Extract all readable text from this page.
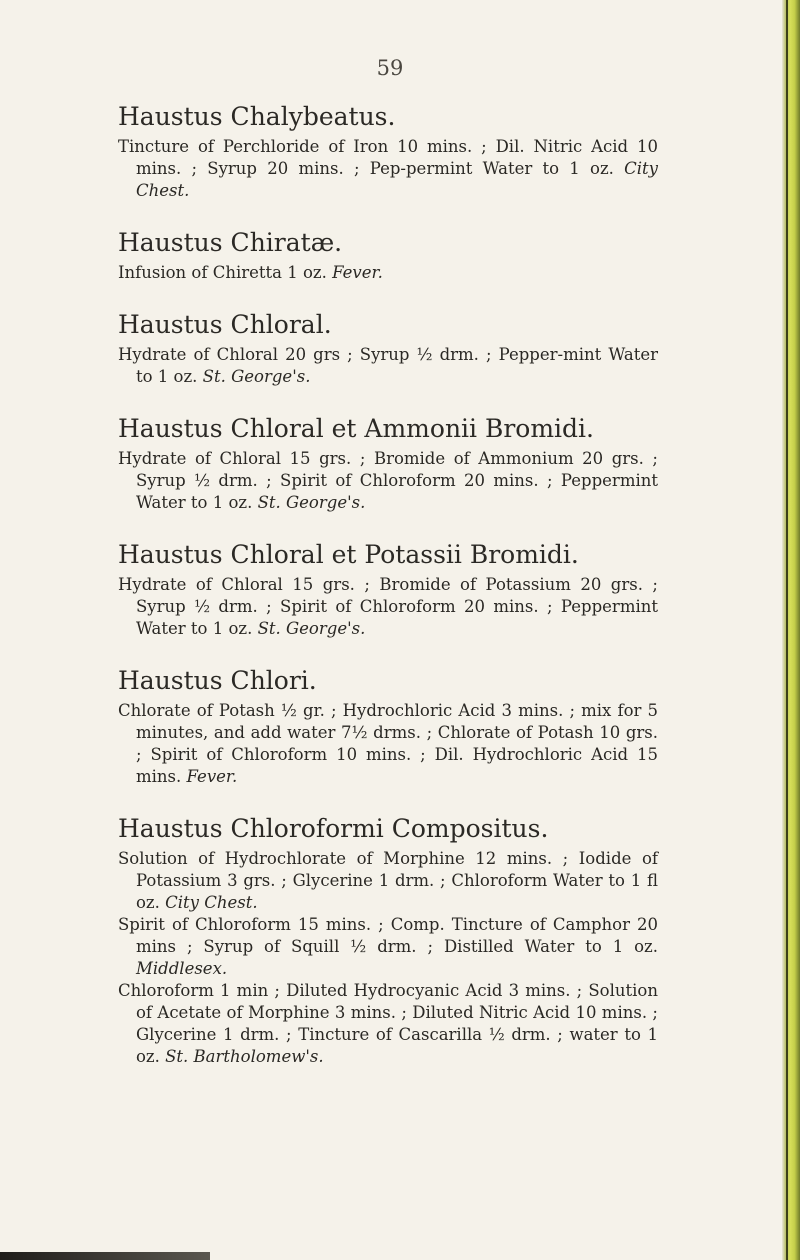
59
Haustus Chalybeatus.

Tincture of Perchloride of Iron 10 mins. ; Dil. Nitric Acid 10 mins. ; Syrup 20 mins. ; Pep-permint Water to 1 oz. City Chest.

Haustus Chiratæ.

Infusion of Chiretta 1 oz. Fever.

Haustus Chloral.

Hydrate of Chloral 20 grs ; Syrup ½ drm. ; Pepper-mint Water to 1 oz. St. George's.

Haustus Chloral et Ammonii Bromidi.

Hydrate of Chloral 15 grs. ; Bromide of Ammonium 20 grs. ; Syrup ½ drm. ; Spirit of Chloroform 20 mins. ; Peppermint Water to 1 oz. St. George's.

Haustus Chloral et Potassii Bromidi.

Hydrate of Chloral 15 grs. ; Bromide of Potassium 20 grs. ; Syrup ½ drm. ; Spirit of Chloroform 20 mins. ; Peppermint Water to 1 oz. St. George's.

Haustus Chlori.

Chlorate of Potash ½ gr. ; Hydrochloric Acid 3 mins. ; mix for 5 minutes, and add water 7½ drms. ; Chlorate of Potash 10 grs. ; Spirit of Chloroform 10 mins. ; Dil. Hydrochloric Acid 15 mins. Fever.

Haustus Chloroformi Compositus.

Solution of Hydrochlorate of Morphine 12 mins. ; Iodide of Potassium 3 grs. ; Glycerine 1 drm. ; Chloroform Water to 1 fl oz. City Chest.

Spirit of Chloroform 15 mins. ; Comp. Tincture of Camphor 20 mins ; Syrup of Squill ½ drm. ; Distilled Water to 1 oz. Middlesex.

Chloroform 1 min ; Diluted Hydrocyanic Acid 3 mins. ; Solution of Acetate of Morphine 3 mins. ; Diluted Nitric Acid 10 mins. ; Glycerine 1 drm. ; Tincture of Cascarilla ½ drm. ; water to 1 oz. St. Bartholomew's.
